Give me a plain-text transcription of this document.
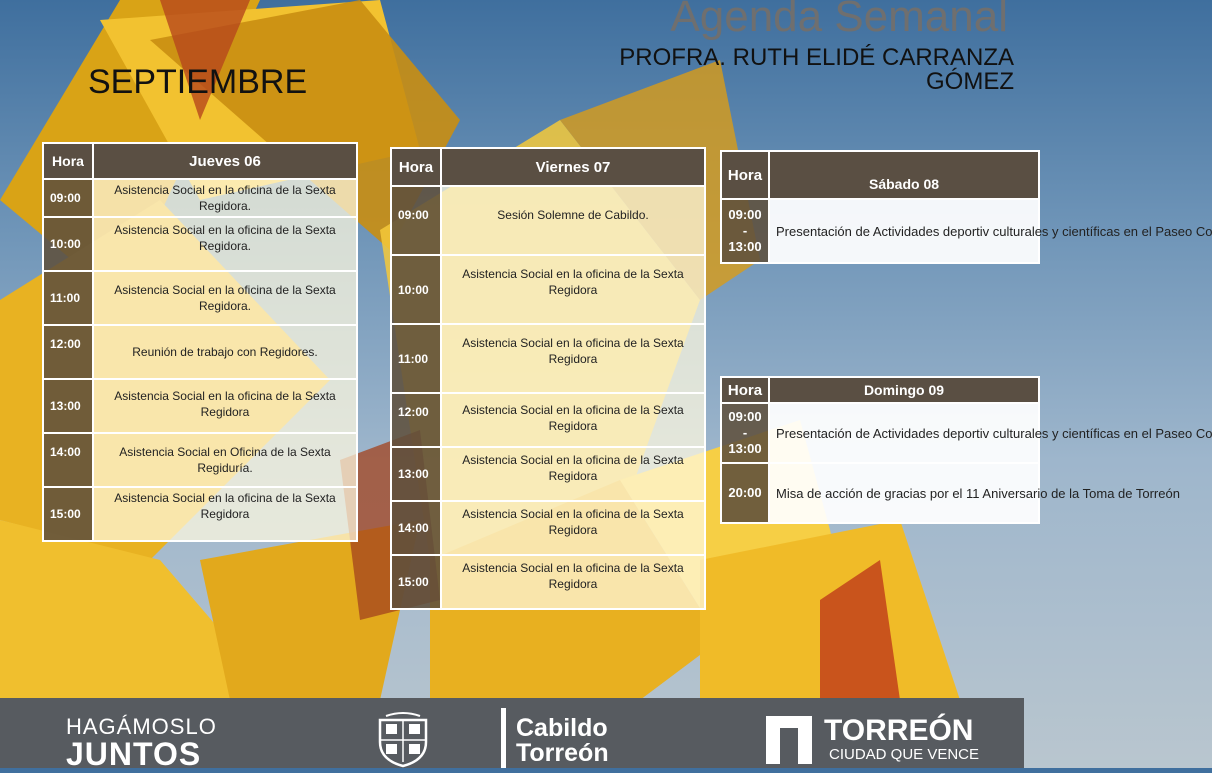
Agenda Semanal
PROFRA. RUTH ELIDÉ CARRANZA GÓMEZ
SEPTIEMBRE
Hora	Jueves 06
09:00	Asistencia Social en la oficina de la Sexta Regidora.
10:00	Asistencia Social en la oficina de la Sexta Regidora.
11:00	Asistencia Social en la oficina de la Sexta Regidora.
12:00	Reunión de trabajo con Regidores.
13:00	Asistencia Social en la oficina de la Sexta Regidora
14:00	Asistencia Social en Oficina de la Sexta Regiduría.
15:00	Asistencia Social en la oficina de la Sexta Regidora
Hora	Viernes 07
09:00	Sesión Solemne de Cabildo.
10:00	Asistencia Social en la oficina de la Sexta Regidora
11:00	Asistencia Social en la oficina de la Sexta Regidora
12:00	Asistencia Social en la oficina de la Sexta Regidora
13:00	Asistencia Social en la oficina de la Sexta Regidora
14:00	Asistencia Social en la oficina de la Sexta Regidora
15:00	Asistencia Social en la oficina de la Sexta Regidora
Hora	Sábado 08
09:00 - 13:00	Presentación de Actividades deportiv culturales y científicas en el Paseo Co
Hora	Domingo 09
09:00 - 13:00	Presentación de Actividades deportiv culturales y científicas en el Paseo Co
20:00	Misa de acción de gracias por el 11 Aniversario de la Toma de Torreón
HAGÁMOSLO
JUNTOS
Cabildo
Torreón
TORREÓN
CIUDAD QUE VENCE
